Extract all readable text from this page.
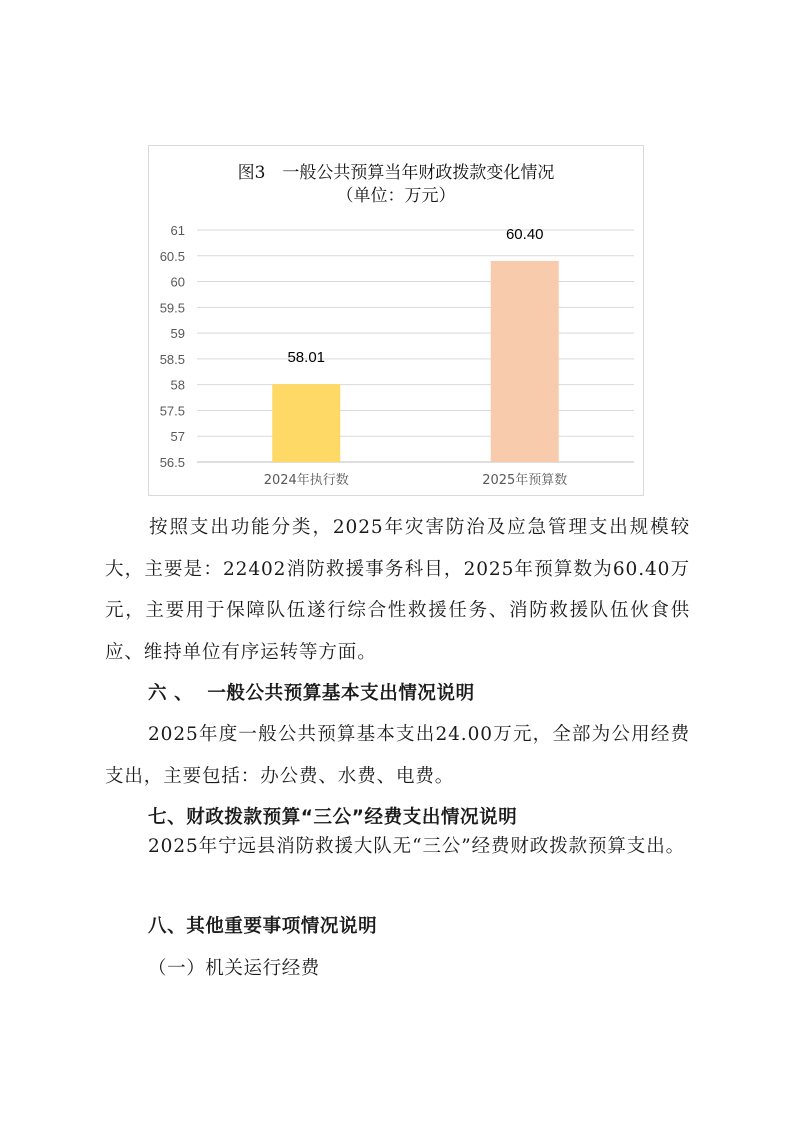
图3　一般公共预算当年财政拨款变化情况
（单位：万元）
56.5
57
57.5
58
58.5
59
59.5
60
60.5
61
58.01
2024年执行数
60.40
2025年预算数
按照支出功能分类，2025年灾害防治及应急管理支出规模较大，主要是：22402消防救援事务科目，2025年预算数为60.40万元，主要用于保障队伍遂行综合性救援任务、消防救援队伍伙食供应、维持单位有序运转等方面。
六 、  一般公共预算基本支出情况说明
2025年度一般公共预算基本支出24.00万元，全部为公用经费支出，主要包括：办公费、水费、电费。
七、财政拨款预算“三公”经费支出情况说明
2025年宁远县消防救援大队无“三公”经费财政拨款预算支出。
八、其他重要事项情况说明
（一）机关运行经费
